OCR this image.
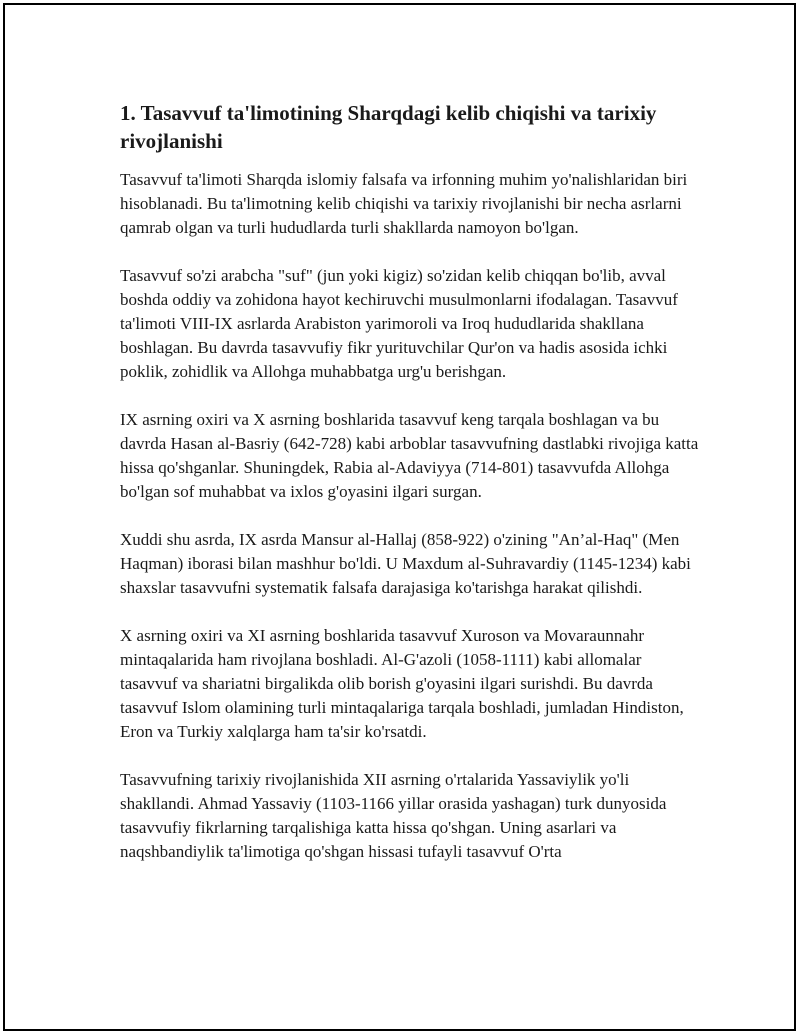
1. Tasavvuf ta'limotining Sharqdagi kelib chiqishi va tarixiy rivojlanishi

Tasavvuf ta'limoti Sharqda islomiy falsafa va irfonning muhim yo'nalishlaridan biri hisoblanadi. Bu ta'limotning kelib chiqishi va tarixiy rivojlanishi bir necha asrlarni qamrab olgan va turli hududlarda turli shakllarda namoyon bo'lgan.

Tasavvuf so'zi arabcha "suf" (jun yoki kigiz) so'zidan kelib chiqqan bo'lib, avval boshda oddiy va zohidona hayot kechiruvchi musulmonlarni ifodalagan. Tasavvuf ta'limoti VIII-IX asrlarda Arabiston yarimoroli va Iroq hududlarida shakllana boshlagan. Bu davrda tasavvufiy fikr yurituvchilar Qur'on va hadis asosida ichki poklik, zohidlik va Allohga muhabbatga urg'u berishgan.

IX asrning oxiri va X asrning boshlarida tasavvuf keng tarqala boshlagan va bu davrda Hasan al-Basriy (642-728) kabi arboblar tasavvufning dastlabki rivojiga katta hissa qo'shganlar. Shuningdek, Rabia al-Adaviyya (714-801) tasavvufda Allohga bo'lgan sof muhabbat va ixlos g'oyasini ilgari surgan.

Xuddi shu asrda, IX asrda Mansur al-Hallaj (858-922) o'zining "An’al-Haq" (Men Haqman) iborasi bilan mashhur bo'ldi. U Maxdum al-Suhravardiy (1145-1234) kabi shaxslar tasavvufni systematik falsafa darajasiga ko'tarishga harakat qilishdi.

X asrning oxiri va XI asrning boshlarida tasavvuf Xuroson va Movaraunnahr mintaqalarida ham rivojlana boshladi. Al-G'azoli (1058-1111) kabi allomalar tasavvuf va shariatni birgalikda olib borish g'oyasini ilgari surishdi. Bu davrda tasavvuf Islom olamining turli mintaqalariga tarqala boshladi, jumladan Hindiston, Eron va Turkiy xalqlarga ham ta'sir ko'rsatdi.

Tasavvufning tarixiy rivojlanishida XII asrning o'rtalarida Yassaviylik yo'li shakllandi. Ahmad Yassaviy (1103-1166 yillar orasida yashagan) turk dunyosida tasavvufiy fikrlarning tarqalishiga katta hissa qo'shgan. Uning asarlari va naqshbandiylik ta'limotiga qo'shgan hissasi tufayli tasavvuf O'rta
